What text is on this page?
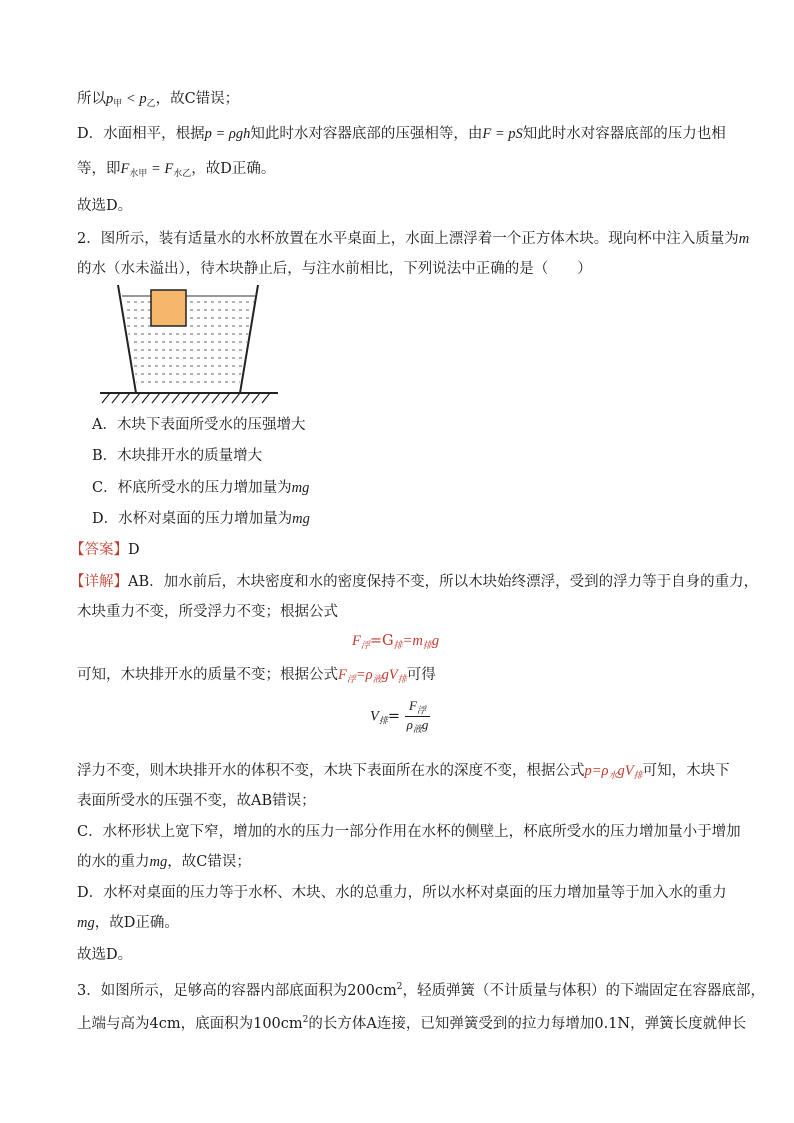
所以$p_甲 < p_乙$，故C错误；
D．水面相平，根据p = ρgh知此时水对容器底部的压强相等，由F = pS知此时水对容器底部的压力也相
等，即$F_{水甲} = F_{水乙}$，故D正确。
故选D。
2．图所示，装有适量水的水杯放置在水平桌面上，水面上漂浮着一个正方体木块。现向杯中注入质量为m
的水（水未溢出），待木块静止后，与注水前相比，下列说法中正确的是（　　）
A．木块下表面所受水的压强增大
B．木块排开水的质量增大
C．杯底所受水的压力增加量为mg
D．水杯对桌面的压力增加量为mg
【答案】D
【详解】AB．加水前后，木块密度和水的密度保持不变，所以木块始终漂浮，受到的浮力等于自身的重力，
木块重力不变，所受浮力不变；根据公式
$F_浮=G_排=m_排g$
可知，木块排开水的质量不变；根据公式$F_浮=\rho_液gV_排$可得
$V_排= \frac{F_浮}{\rho_液g}$
浮力不变，则木块排开水的体积不变，木块下表面所在水的深度不变，根据公式$p=\rho_水gV_排$可知，木块下
表面所受水的压强不变，故AB错误；
C．水杯形状上宽下窄，增加的水的压力一部分作用在水杯的侧壁上，杯底所受水的压力增加量小于增加
的水的重力mg，故C错误；
D．水杯对桌面的压力等于水杯、木块、水的总重力，所以水杯对桌面的压力增加量等于加入水的重力
mg，故D正确。
故选D。
3．如图所示，足够高的容器内部底面积为$200cm^2$，轻质弹簧（不计质量与体积）的下端固定在容器底部，
上端与高为4cm，底面积为$100cm^2$的长方体A连接，已知弹簧受到的拉力每增加0.1N，弹簧长度就伸长
